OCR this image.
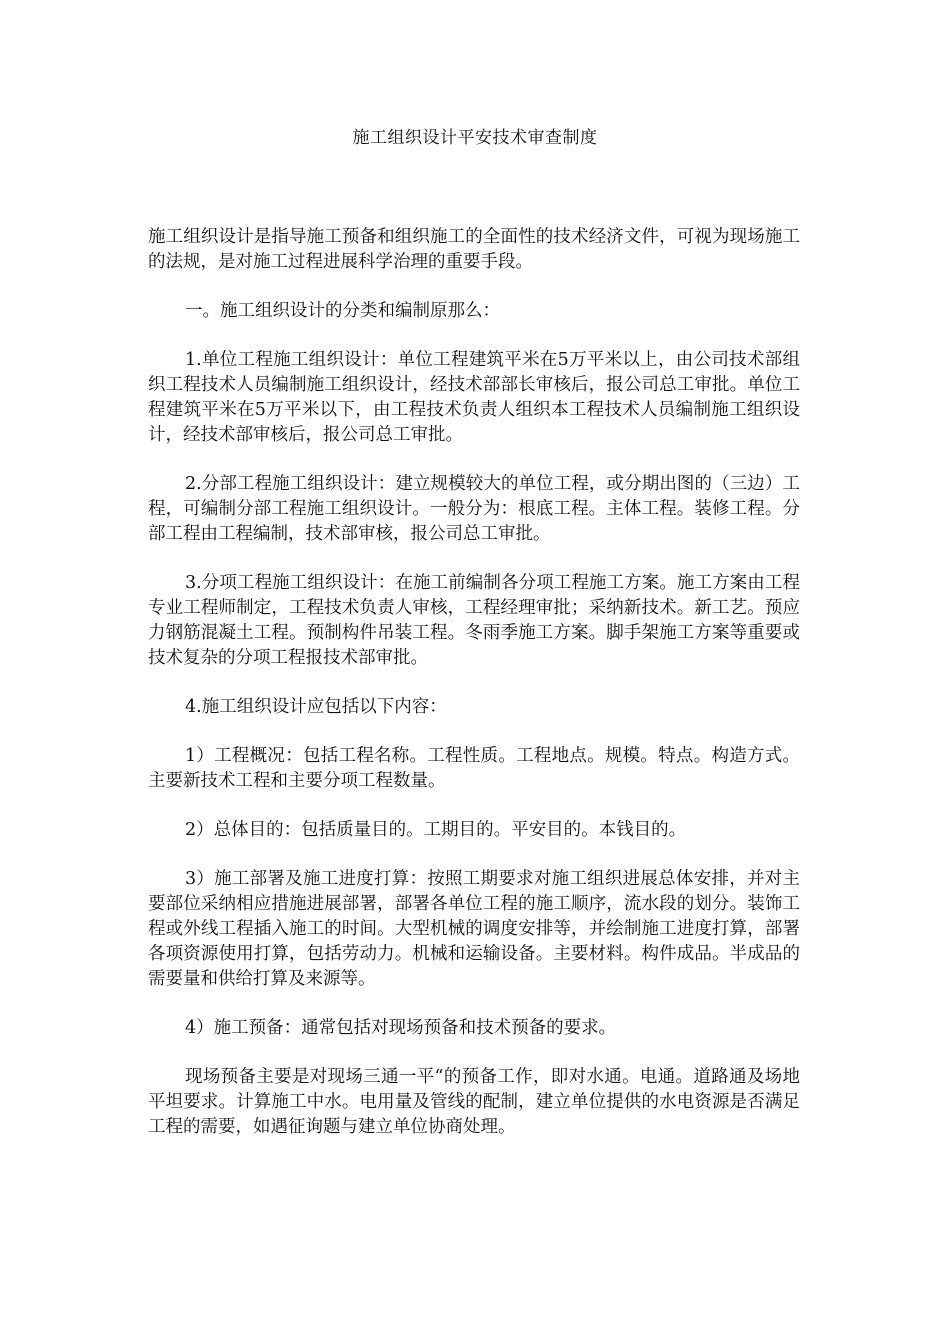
施工组织设计平安技术审查制度

施工组织设计是指导施工预备和组织施工的全面性的技术经济文件，可视为现场施工的法规，是对施工过程进展科学治理的重要手段。

一。施工组织设计的分类和编制原那么：

1.单位工程施工组织设计：单位工程建筑平米在5万平米以上，由公司技术部组织工程技术人员编制施工组织设计，经技术部部长审核后，报公司总工审批。单位工程建筑平米在5万平米以下，由工程技术负责人组织本工程技术人员编制施工组织设计，经技术部审核后，报公司总工审批。

2.分部工程施工组织设计：建立规模较大的单位工程，或分期出图的（三边）工程，可编制分部工程施工组织设计。一般分为：根底工程。主体工程。装修工程。分部工程由工程编制，技术部审核，报公司总工审批。

3.分项工程施工组织设计：在施工前编制各分项工程施工方案。施工方案由工程专业工程师制定，工程技术负责人审核，工程经理审批；采纳新技术。新工艺。预应力钢筋混凝土工程。预制构件吊装工程。冬雨季施工方案。脚手架施工方案等重要或技术复杂的分项工程报技术部审批。

4.施工组织设计应包括以下内容：

1）工程概况：包括工程名称。工程性质。工程地点。规模。特点。构造方式。主要新技术工程和主要分项工程数量。

2）总体目的：包括质量目的。工期目的。平安目的。本钱目的。

3）施工部署及施工进度打算：按照工期要求对施工组织进展总体安排，并对主要部位采纳相应措施进展部署，部署各单位工程的施工顺序，流水段的划分。装饰工程或外线工程插入施工的时间。大型机械的调度安排等，并绘制施工进度打算，部署各项资源使用打算，包括劳动力。机械和运输设备。主要材料。构件成品。半成品的需要量和供给打算及来源等。

4）施工预备：通常包括对现场预备和技术预备的要求。

现场预备主要是对现场三通一平“的预备工作，即对水通。电通。道路通及场地平坦要求。计算施工中水。电用量及管线的配制，建立单位提供的水电资源是否满足工程的需要，如遇征询题与建立单位协商处理。
